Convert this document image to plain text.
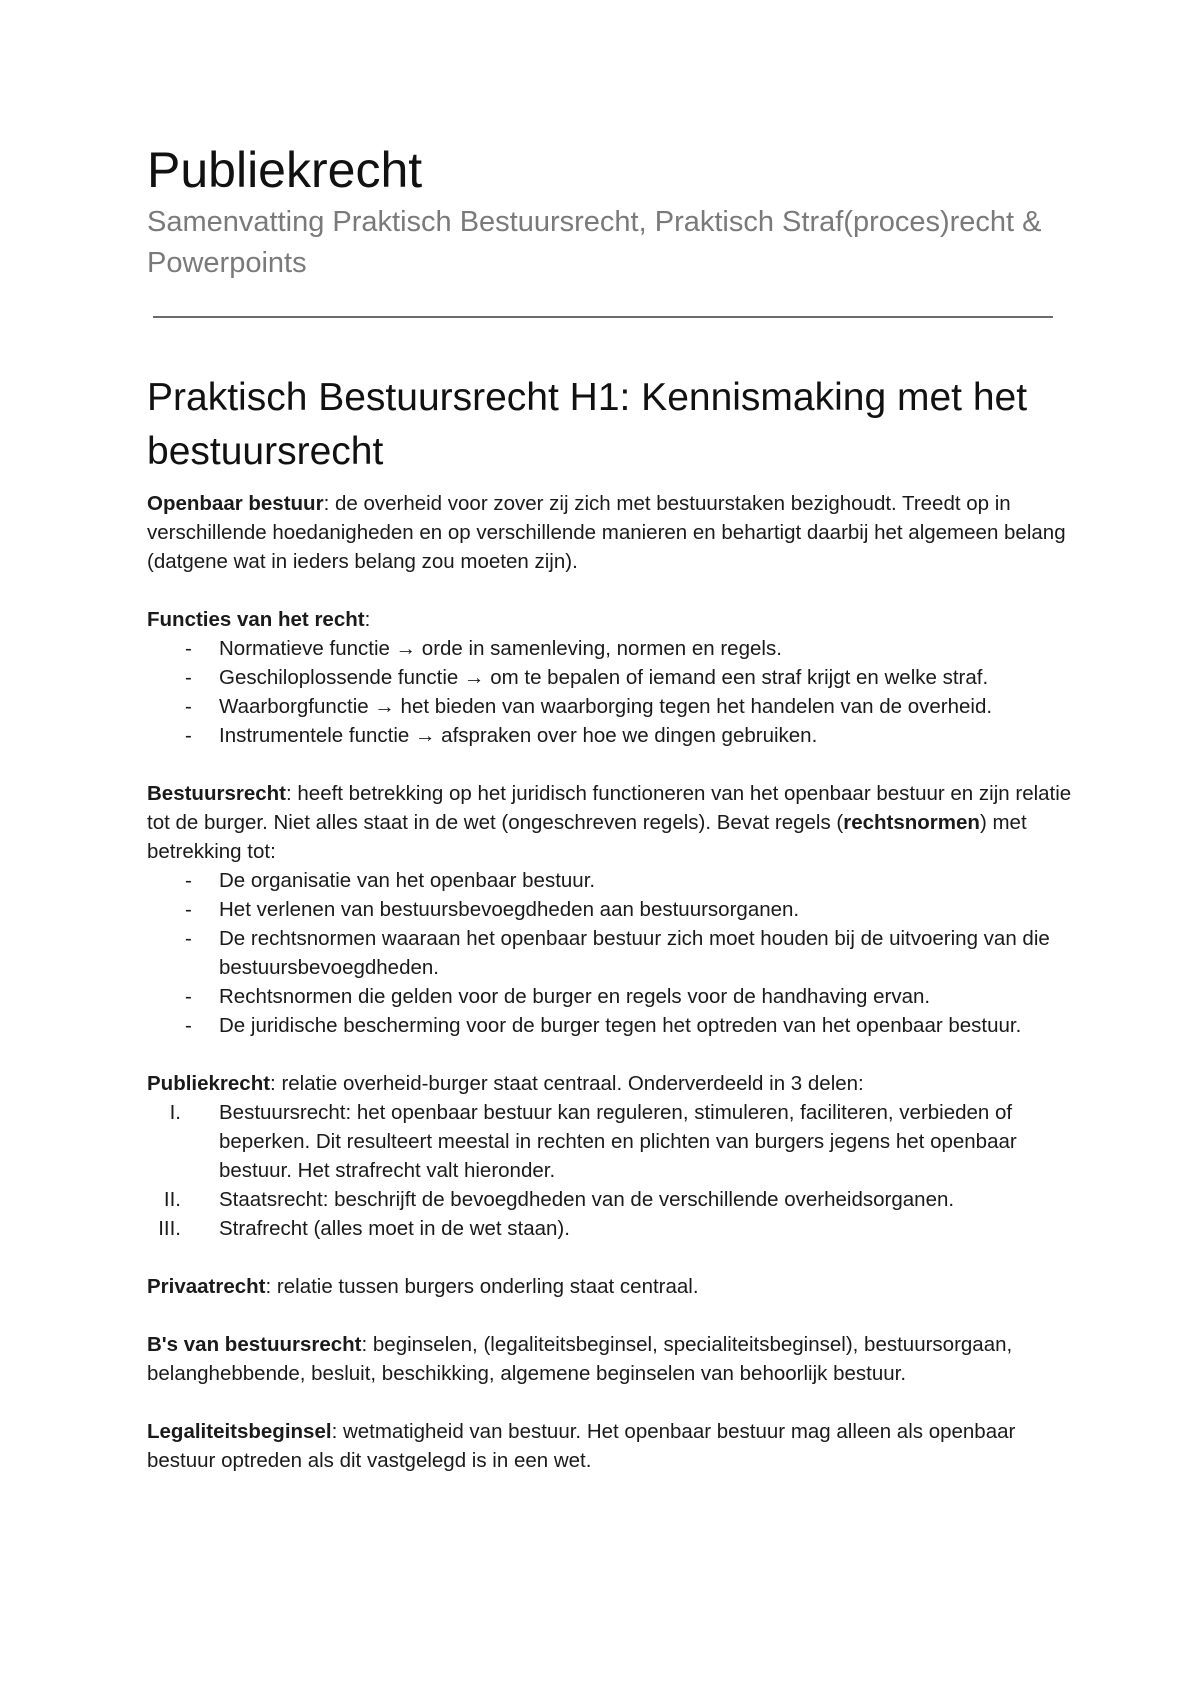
Publiekrecht
Samenvatting Praktisch Bestuursrecht, Praktisch Straf(proces)recht & Powerpoints
Praktisch Bestuursrecht H1: Kennismaking met het bestuursrecht

Openbaar bestuur: de overheid voor zover zij zich met bestuurstaken bezighoudt. Treedt op in verschillende hoedanigheden en op verschillende manieren en behartigt daarbij het algemeen belang (datgene wat in ieders belang zou moeten zijn).

Functies van het recht:

- Normatieve functie → orde in samenleving, normen en regels.
- Geschiloplossende functie → om te bepalen of iemand een straf krijgt en welke straf.
- Waarborgfunctie → het bieden van waarborging tegen het handelen van de overheid.
- Instrumentele functie → afspraken over hoe we dingen gebruiken.

Bestuursrecht: heeft betrekking op het juridisch functioneren van het openbaar bestuur en zijn relatie tot de burger. Niet alles staat in de wet (ongeschreven regels). Bevat regels (rechtsnormen) met betrekking tot:

- De organisatie van het openbaar bestuur.
- Het verlenen van bestuursbevoegdheden aan bestuursorganen.
- De rechtsnormen waaraan het openbaar bestuur zich moet houden bij de uitvoering van die bestuursbevoegdheden.
- Rechtsnormen die gelden voor de burger en regels voor de handhaving ervan.
- De juridische bescherming voor de burger tegen het optreden van het openbaar bestuur.

Publiekrecht: relatie overheid-burger staat centraal. Onderverdeeld in 3 delen:

I. Bestuursrecht: het openbaar bestuur kan reguleren, stimuleren, faciliteren, verbieden of beperken. Dit resulteert meestal in rechten en plichten van burgers jegens het openbaar bestuur. Het strafrecht valt hieronder.
II. Staatsrecht: beschrijft de bevoegdheden van de verschillende overheidsorganen.
III. Strafrecht (alles moet in de wet staan).

Privaatrecht: relatie tussen burgers onderling staat centraal.

B's van bestuursrecht: beginselen, (legaliteitsbeginsel, specialiteitsbeginsel), bestuursorgaan, belanghebbende, besluit, beschikking, algemene beginselen van behoorlijk bestuur.

Legaliteitsbeginsel: wetmatigheid van bestuur. Het openbaar bestuur mag alleen als openbaar bestuur optreden als dit vastgelegd is in een wet.
